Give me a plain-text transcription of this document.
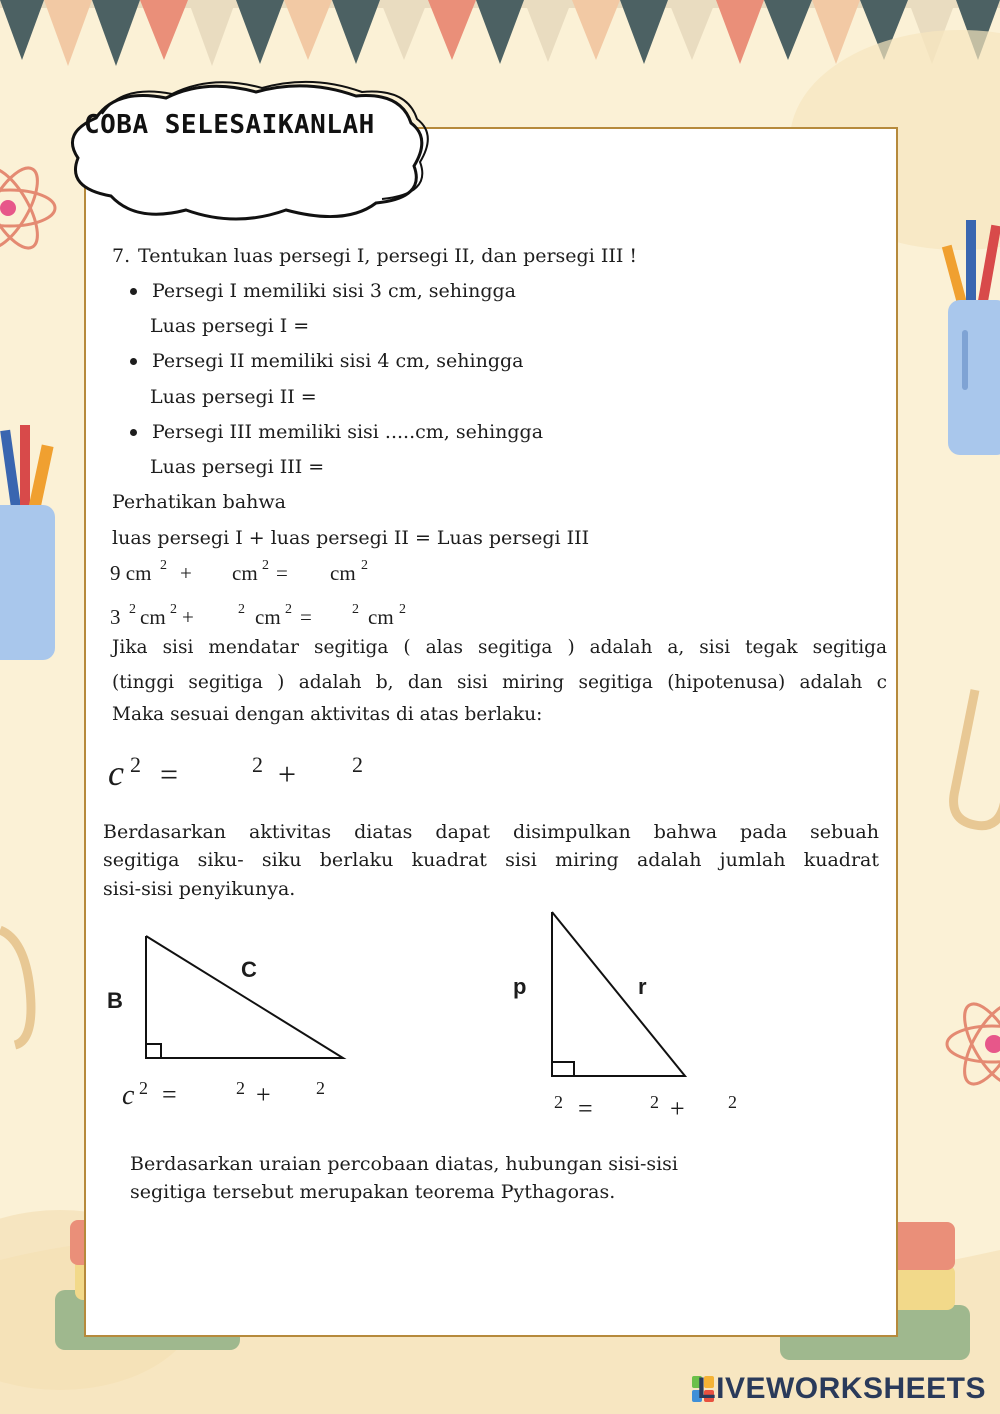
COBA SELESAIKANLAH
7. Tentukan luas persegi I, persegi II, dan persegi III !
Persegi I memiliki sisi 3 cm, sehingga
Luas persegi I =
Persegi II memiliki sisi 4 cm, sehingga
Luas persegi II =
Persegi III memiliki sisi .....cm, sehingga
Luas persegi III =
Perhatikan bahwa
luas persegi I + luas persegi II = Luas persegi III
9 cm 2 + cm 2 = cm 2
3 2 cm 2 +	2 cm 2 =	2 cm 2
Jika sisi mendatar segitiga ( alas segitiga ) adalah a, sisi tegak segitiga
(tinggi segitiga ) adalah b, dan sisi miring segitiga (hipotenusa) adalah c
Maka sesuai dengan aktivitas di atas berlaku:
c 2 =	2 +	2
Berdasarkan aktivitas diatas dapat disimpulkan bahwa pada sebuah
segitiga siku- siku berlaku kuadrat sisi miring adalah jumlah kuadrat
sisi-sisi penyikunya.
B
C
c 2 =	2 +	2
p	r
2 =	2 + 2
Berdasarkan uraian percobaan diatas, hubungan sisi-sisi
segitiga tersebut merupakan teorema Pythagoras.
LIVEWORKSHEETS
